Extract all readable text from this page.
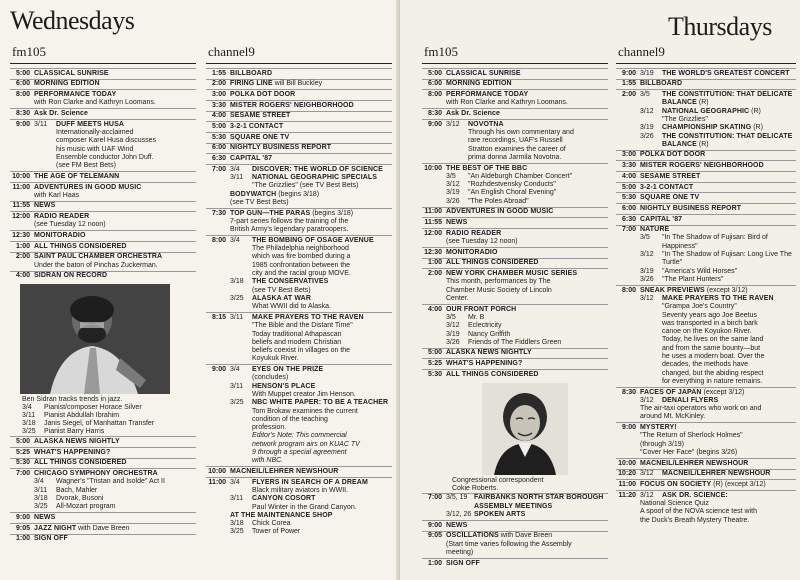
Wednesdays
fm105
5:00 CLASSICAL SUNRISE
6:00 MORNING EDITION
8:00 PERFORMANCE TODAY
with Ron Clarke and Kathryn Loomans.
8:30 Ask Dr. Science
9:00 3/11	DUFF MEETS HUSA
Internationally-acclaimed
composer Karel Husa discusses
his music with UAF Wind
Ensemble conductor John Duff.
(see FM Best Bets)
10:00 THE AGE OF TELEMANN
11:00 ADVENTURES IN GOOD MUSIC
with Karl Haas
11:55 NEWS
12:00 RADIO READER
(see Tuesday 12 noon)
12:30 MONITORADIO
1:00 ALL THINGS CONSIDERED
2:00 SAINT PAUL CHAMBER ORCHESTRA
Under the baton of Pinchas Zuckerman.
4:00 SIDRAN ON RECORD
Ben Sidran tracks trends in jazz.
3/4	Pianist/composer Horace Silver
3/11	Pianist Abdullah Ibrahim
3/18	Janis Siegel, of Manhattan Transfer
3/25	Pianist Barry Harris
5:00 ALASKA NEWS NIGHTLY
5:25 WHAT'S HAPPENING?
5:30 ALL THINGS CONSIDERED
7:00 CHICAGO SYMPHONY ORCHESTRA
3/4	Wagner's "Tristan and Isolde" Act II
3/11	Bach, Mahler
3/18	Dvorak, Busoni
3/25	All-Mozart program
9:00 NEWS
9:05 JAZZ NIGHT with Dave Breen
1:00 SIGN OFF
channel9
1:55 BILLBOARD
2:00 FIRING LINE will Bill Buckley
3:00 POLKA DOT DOOR
3:30 MISTER ROGERS' NEIGHBORHOOD
4:00 SESAME STREET
5:00 3-2-1 CONTACT
5:30 SQUARE ONE TV
6:00 NIGHTLY BUSINESS REPORT
6:30 CAPITAL '87
7:00 3/4	DISCOVER: THE WORLD OF SCIENCE
3/11	NATIONAL GEOGRAPHIC SPECIALS
"The Grizzlies" (see TV Best Bets)
BODYWATCH (begins 3/18)
(see TV Best Bets)
7:30 TOP GUN—THE PARAS (begins 3/18)
7-part series follows the training of the
British Army's legendary paratroopers.
8:00 3/4	THE BOMBING OF OSAGE AVENUE
The Philadelphia neighborhood
which was fire bombed during a
1985 confrontation between the
city and the racial group MOVE.
3/18	THE CONSERVATIVES
(see TV Best Bets)
3/25	ALASKA AT WAR
What WWII did to Alaska.
8:15 3/11	MAKE PRAYERS TO THE RAVEN
"The Bible and the Distant Time"
Today traditional Athapascan
beliefs and modern Christian
beliefs coexist in villages on the
Koyukuk River.
9:00 3/4	EYES ON THE PRIZE
(concludes)
3/11	HENSON'S PLACE
With Muppet creator Jim Henson.
3/25	NBC WHITE PAPER: TO BE A TEACHER
Tom Brokaw examines the current
condition of the teaching
profession.
Editor's Note: This commercial
network program airs on KUAC TV
9 through a special agreement
with NBC.
10:00 MACNEIL/LEHRER NEWSHOUR
11:00 3/4	FLYERS IN SEARCH OF A DREAM
Black military aviators in WWII.
3/11	CANYON COSORT
Paul Winter in the Grand Canyon.
AT THE MAINTENANCE SHOP
3/18	Chick Corea
3/25	Tower of Power
Thursdays
fm105
5:00 CLASSICAL SUNRISE
6:00 MORNING EDITION
8:00 PERFORMANCE TODAY
with Ron Clarke and Kathryn Loomans.
8:30 Ask Dr. Science
9:00 3/12	NOVOTNA
Through his own commentary and
rare recordings, UAF's Russell
Stratton examines the career of
prima donna Jarmila Novotna.
10:00 THE BEST OF THE BBC
3/5	"An Aldeburgh Chamber Concert"
3/12	"Rozhdestvensky Conducts"
3/19	"An English Choral Evening"
3/26	"The Poles Abroad"
11:00 ADVENTURES IN GOOD MUSIC
11:55 NEWS
12:00 RADIO READER
(see Tuesday 12 noon)
12:30 MONITORADIO
1:00 ALL THINGS CONSIDERED
2:00 NEW YORK CHAMBER MUSIC SERIES
This month, performances by The
Chamber Music Society of Lincoln
Center.
4:00 OUR FRONT PORCH
3/5	Mr. B
3/12	Eclectricity
3/19	Nancy Griffith
3/26	Friends of The Fiddlers Green
5:00 ALASKA NEWS NIGHTLY
5:25 WHAT'S HAPPENING?
5:30 ALL THINGS CONSIDERED
Congressional correspondent
Cokie Roberts.
7:00 3/5, 19 FAIRBANKS NORTH STAR BOROUGH ASSEMBLY MEETINGS
3/12, 26 SPOKEN ARTS
9:00 NEWS
9:05 OSCILLATIONS with Dave Breen
(Start time varies following the Assembly
meeting)
1:00 SIGN OFF
channel9
9:00 3/19	THE WORLD'S GREATEST CONCERT
1:55 BILLBOARD
2:00 3/5	THE CONSTITUTION: THAT DELICATE BALANCE (R)
3/12	NATIONAL GEOGRAPHIC (R)
"The Grizzlies"
3/19	CHAMPIONSHIP SKATING (R)
3/26	THE CONSTITUTION: THAT DELICATE BALANCE (R)
3:00 POLKA DOT DOOR
3:30 MISTER ROGERS' NEIGHBORHOOD
4:00 SESAME STREET
5:00 3-2-1 CONTACT
5:30 SQUARE ONE TV
6:00 NIGHTLY BUSINESS REPORT
6:30 CAPITAL '87
7:00 NATURE
3/5	"In The Shadow of Fujisan: Bird of Happiness"
3/12	"In The Shadow of Fujisan: Long Live The Turtle"
3/19	"America's Wild Horses"
3/26	"The Plant Hunters"
8:00 SNEAK PREVIEWS (except 3/12)
3/12	MAKE PRAYERS TO THE RAVEN
"Grampa Joe's Country"
Seventy years ago Joe Beetus
was transported in a birch bark
canoe on the Koyukon River.
Today, he lives on the same land
and from the same bounty—but
he uses a modern boat. Over the
decades, the methods have
changed, but the abiding respect
for everything in nature remains.
8:30 FACES OF JAPAN (except 3/12)
3/12	DENALI FLYERS
The air-taxi operators who work on and
around Mt. McKinley.
9:00 MYSTERY!
"The Return of Sherlock Holmes"
(through 3/19)
"Cover Her Face" (begins 3/26)
10:00 MACNEIL/LEHRER NEWSHOUR
10:20 3/12	MACNEIL/LEHRER NEWSHOUR
11:00 FOCUS ON SOCIETY (R) (except 3/12)
11:20 3/12	ASK DR. SCIENCE:
National Science Quiz
A spoof of the NOVA science test with
the Duck's Breath Mystery Theatre.
